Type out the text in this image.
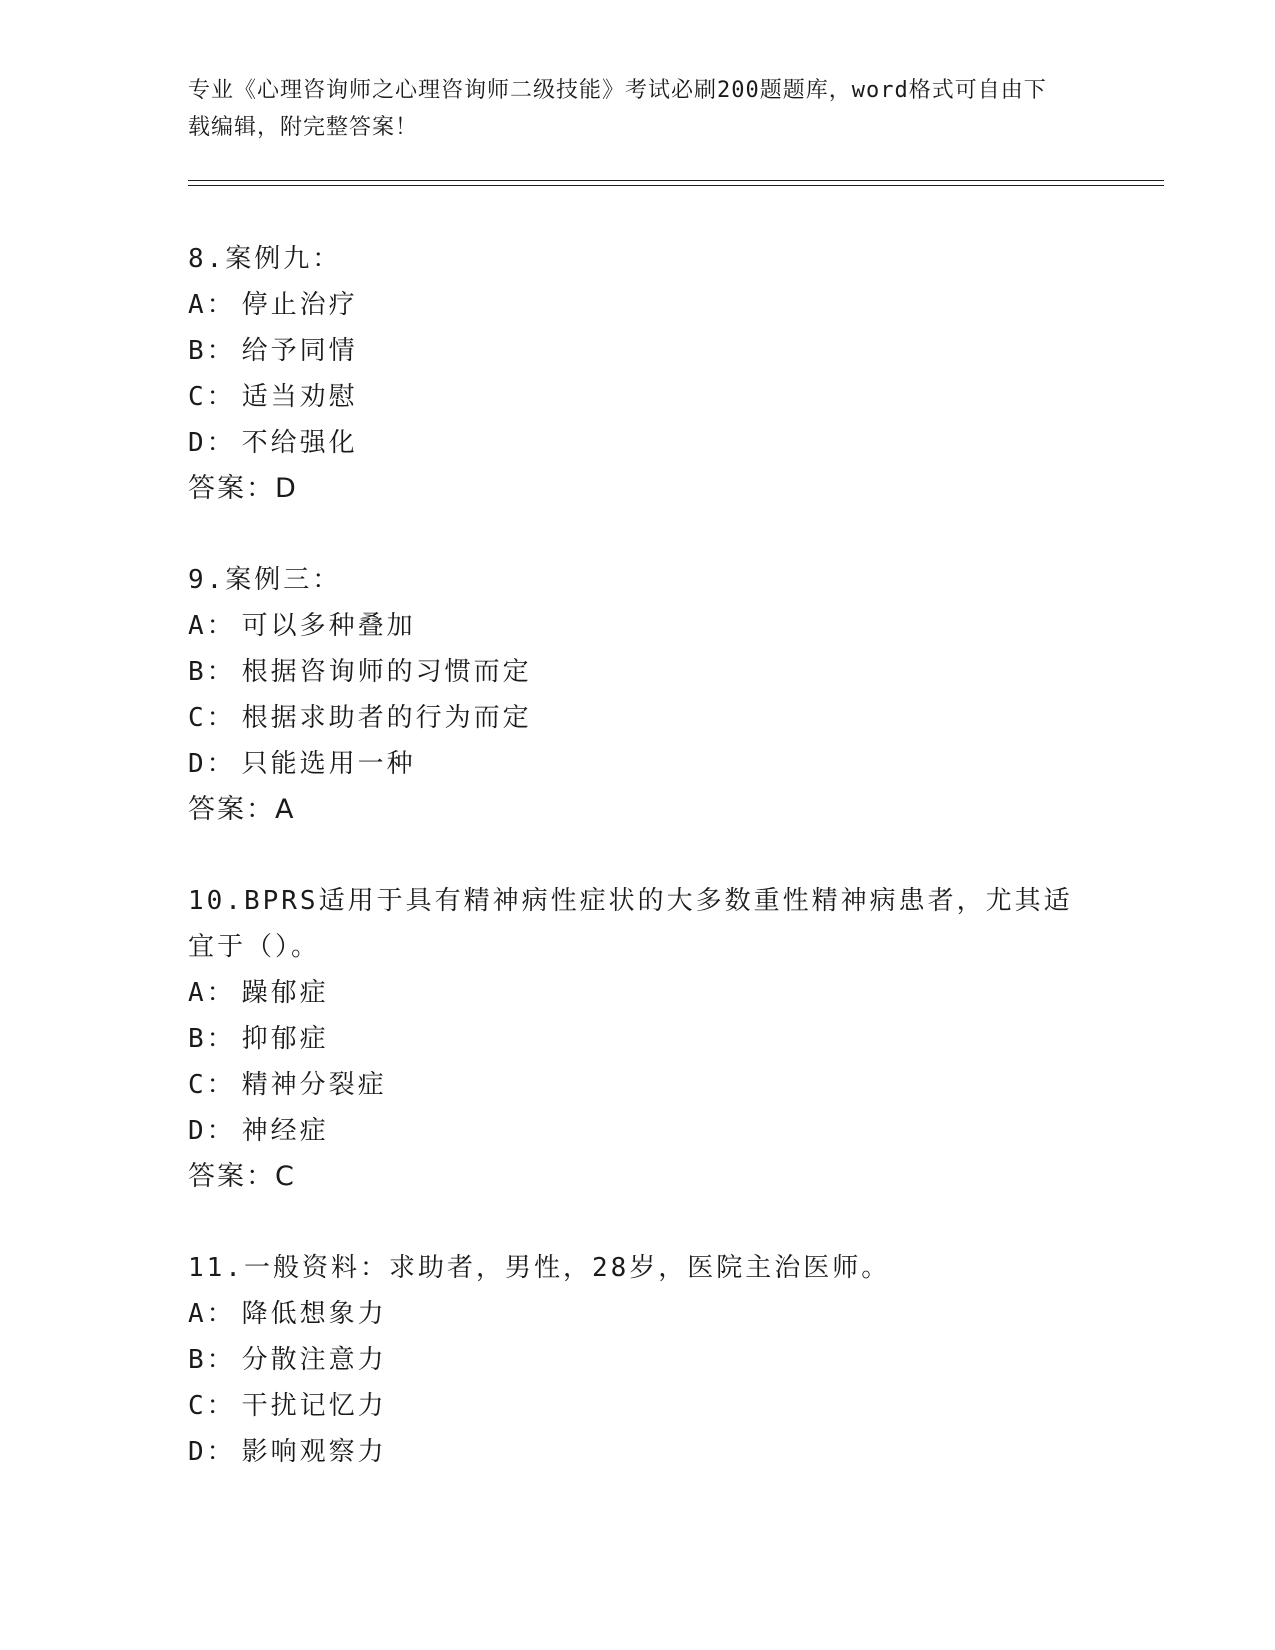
专业《心理咨询师之心理咨询师二级技能》考试必刷200题题库，word格式可自由下载编辑，附完整答案！
8.案例九：
A： 停止治疗
B： 给予同情
C： 适当劝慰
D： 不给强化
答案：D
9.案例三：
A： 可以多种叠加
B： 根据咨询师的习惯而定
C： 根据求助者的行为而定
D： 只能选用一种
答案：A
10.BPRS适用于具有精神病性症状的大多数重性精神病患者，尤其适宜于（）。
A： 躁郁症
B： 抑郁症
C： 精神分裂症
D： 神经症
答案：C
11.一般资料：求助者，男性，28岁，医院主治医师。
A： 降低想象力
B： 分散注意力
C： 干扰记忆力
D： 影响观察力
